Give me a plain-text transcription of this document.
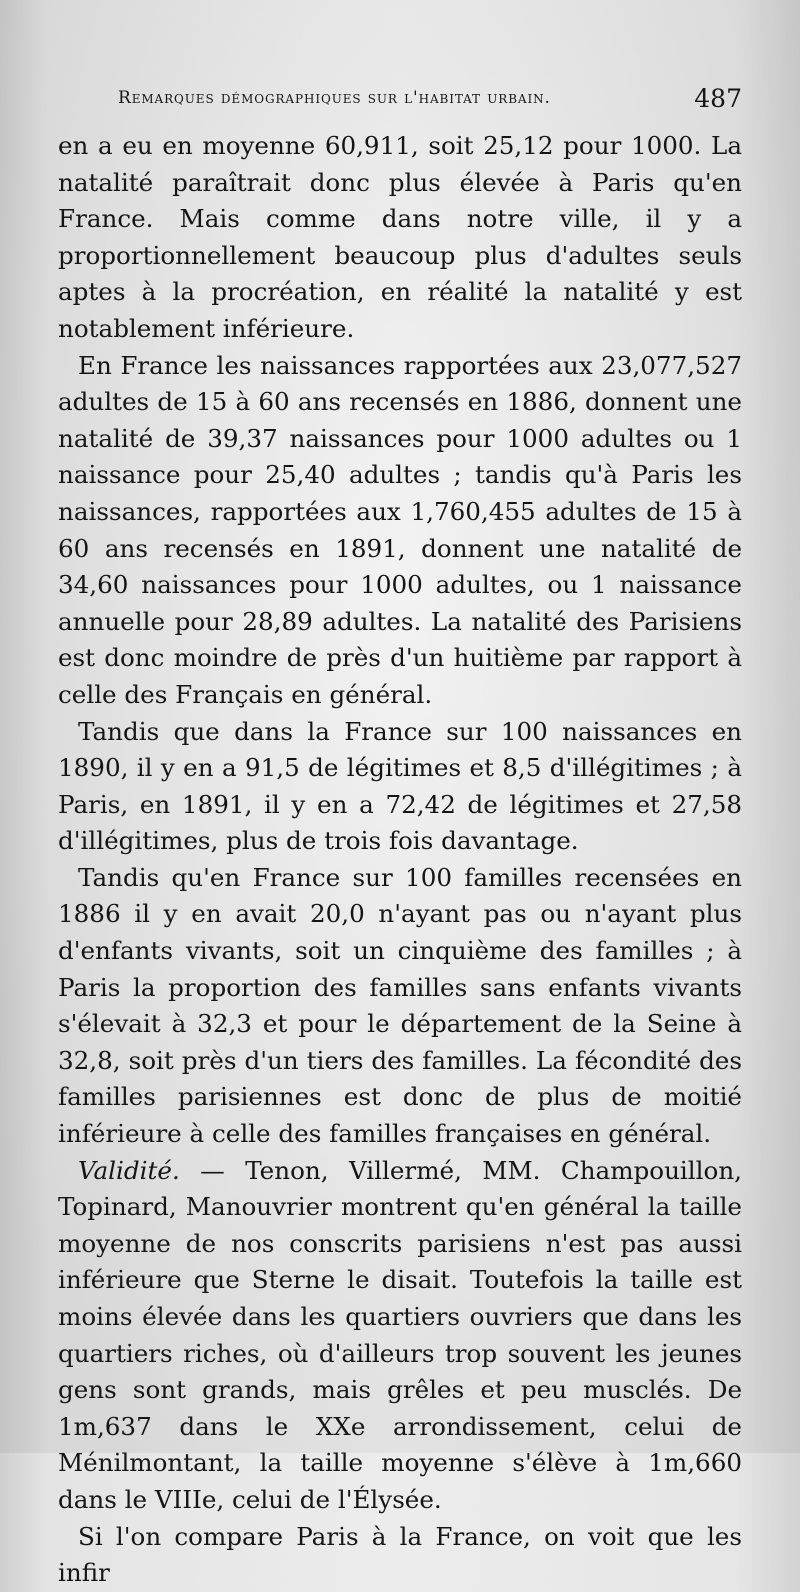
Remarques démographiques sur l'habitat urbain.	487

en a eu en moyenne 60,911, soit 25,12 pour 1000. La natalité paraîtrait donc plus élevée à Paris qu'en France. Mais comme dans notre ville, il y a proportionnellement beaucoup plus d'adultes seuls aptes à la procréation, en réalité la natalité y est notablement inférieure.

En France les naissances rapportées aux 23,077,527 adultes de 15 à 60 ans recensés en 1886, donnent une natalité de 39,37 naissances pour 1000 adultes ou 1 naissance pour 25,40 adultes ; tandis qu'à Paris les naissances, rapportées aux 1,760,455 adultes de 15 à 60 ans recensés en 1891, donnent une natalité de 34,60 naissances pour 1000 adultes, ou 1 naissance annuelle pour 28,89 adultes. La natalité des Parisiens est donc moindre de près d'un huitième par rapport à celle des Français en général.

Tandis que dans la France sur 100 naissances en 1890, il y en a 91,5 de légitimes et 8,5 d'illégitimes ; à Paris, en 1891, il y en a 72,42 de légitimes et 27,58 d'illégitimes, plus de trois fois davantage.

Tandis qu'en France sur 100 familles recensées en 1886 il y en avait 20,0 n'ayant pas ou n'ayant plus d'enfants vivants, soit un cinquième des familles ; à Paris la proportion des familles sans enfants vivants s'élevait à 32,3 et pour le département de la Seine à 32,8, soit près d'un tiers des familles. La fécondité des familles parisiennes est donc de plus de moitié inférieure à celle des familles françaises en général.

Validité. — Tenon, Villermé, MM. Champouillon, Topinard, Manouvrier montrent qu'en général la taille moyenne de nos conscrits parisiens n'est pas aussi inférieure que Sterne le disait. Toutefois la taille est moins élevée dans les quartiers ouvriers que dans les quartiers riches, où d'ailleurs trop souvent les jeunes gens sont grands, mais grêles et peu musclés. De 1m,637 dans le XXe arrondissement, celui de Ménilmontant, la taille moyenne s'élève à 1m,660 dans le VIIIe, celui de l'Élysée.

Si l'on compare Paris à la France, on voit que les infir
